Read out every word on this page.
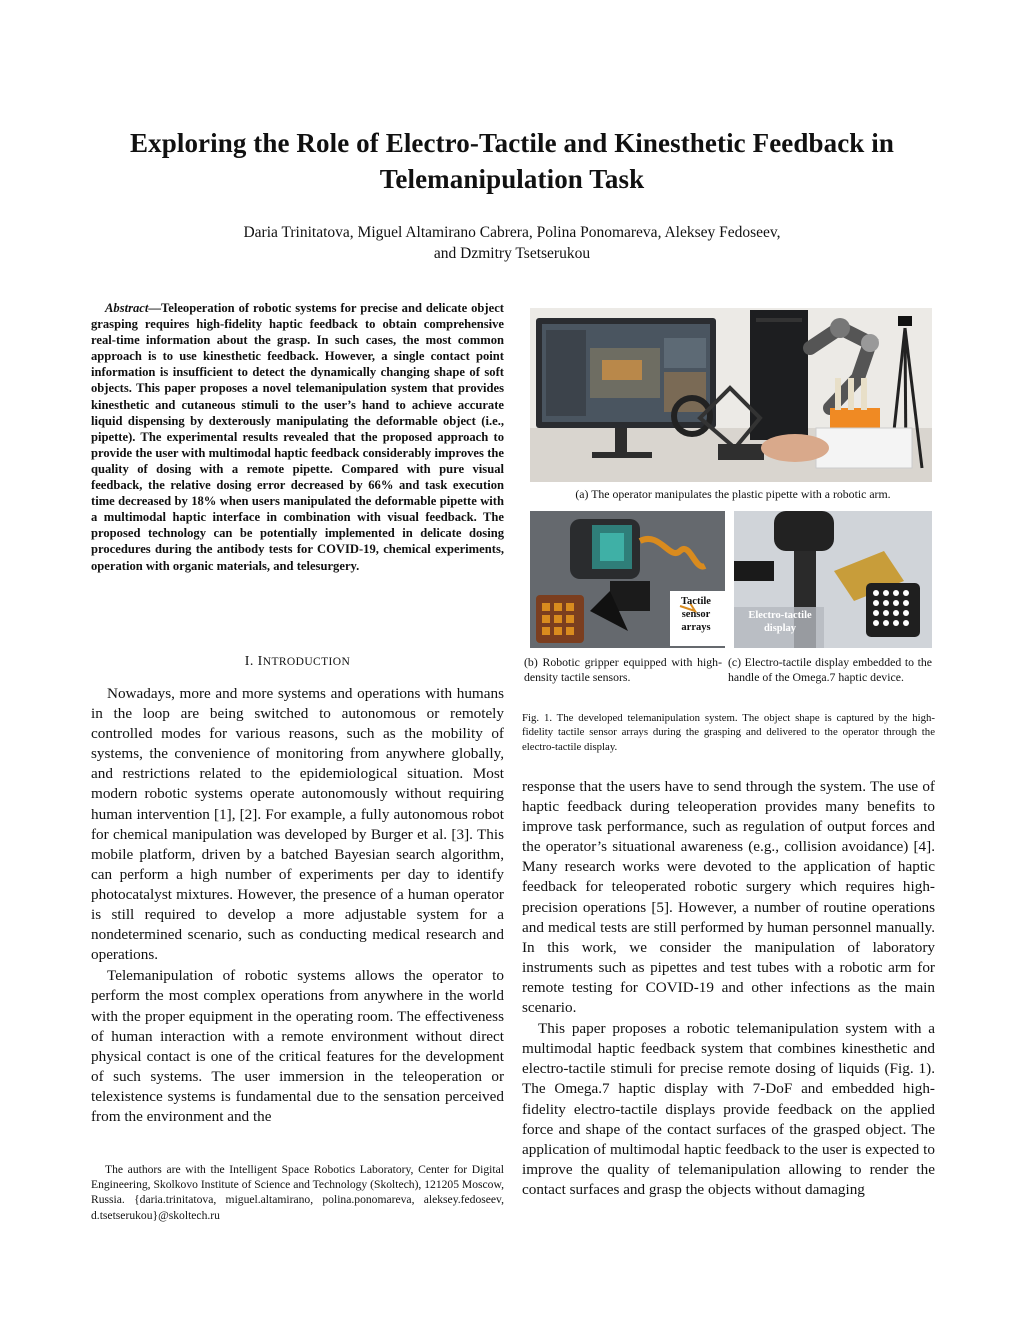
Exploring the Role of Electro-Tactile and Kinesthetic Feedback in Telemanipulation Task
Daria Trinitatova, Miguel Altamirano Cabrera, Polina Ponomareva, Aleksey Fedoseev,
and Dzmitry Tsetserukou
Abstract—Teleoperation of robotic systems for precise and delicate object grasping requires high-fidelity haptic feedback to obtain comprehensive real-time information about the grasp. In such cases, the most common approach is to use kinesthetic feedback. However, a single contact point information is insufficient to detect the dynamically changing shape of soft objects. This paper proposes a novel telemanipulation system that provides kinesthetic and cutaneous stimuli to the user’s hand to achieve accurate liquid dispensing by dexterously manipulating the deformable object (i.e., pipette). The experimental results revealed that the proposed approach to provide the user with multimodal haptic feedback considerably improves the quality of dosing with a remote pipette. Compared with pure visual feedback, the relative dosing error decreased by 66% and task execution time decreased by 18% when users manipulated the deformable pipette with a multimodal haptic interface in combination with visual feedback. The proposed technology can be potentially implemented in delicate dosing procedures during the antibody tests for COVID-19, chemical experiments, operation with organic materials, and telesurgery.
I. INTRODUCTION

Nowadays, more and more systems and operations with humans in the loop are being switched to autonomous or remotely controlled modes for various reasons, such as the mobility of systems, the convenience of monitoring from anywhere globally, and restrictions related to the epidemiological situation. Most modern robotic systems operate autonomously without requiring human intervention [1], [2]. For example, a fully autonomous robot for chemical manipulation was developed by Burger et al. [3]. This mobile platform, driven by a batched Bayesian search algorithm, can perform a high number of experiments per day to identify photocatalyst mixtures. However, the presence of a human operator is still required to develop a more adjustable system for a nondetermined scenario, such as conducting medical research and operations.

Telemanipulation of robotic systems allows the operator to perform the most complex operations from anywhere in the world with the proper equipment in the operating room. The effectiveness of human interaction with a remote environment without direct physical contact is one of the critical features for the development of such systems. The user immersion in the teleoperation or telexistence systems is fundamental due to the sensation perceived from the environment and the

The authors are with the Intelligent Space Robotics Laboratory, Center for Digital Engineering, Skolkovo Institute of Science and Technology (Skoltech), 121205 Moscow, Russia. {daria.trinitatova, miguel.altamirano, polina.ponomareva, aleksey.fedoseev, d.tsetserukou}@skoltech.ru

(a) The operator manipulates the plastic pipette with a robotic arm.
Tactile sensor arrays
(b) Robotic gripper equipped with high-density tactile sensors.
Electro-tactile display
(c) Electro-tactile display embedded to the handle of the Omega.7 haptic device.
Fig. 1. The developed telemanipulation system. The object shape is captured by the high-fidelity tactile sensor arrays during the grasping and delivered to the operator through the electro-tactile display.

response that the users have to send through the system. The use of haptic feedback during teleoperation provides many benefits to improve task performance, such as regulation of output forces and the operator’s situational awareness (e.g., collision avoidance) [4]. Many research works were devoted to the application of haptic feedback for teleoperated robotic surgery which requires high-precision operations [5]. However, a number of routine operations and medical tests are still performed by human personnel manually. In this work, we consider the manipulation of laboratory instruments such as pipettes and test tubes with a robotic arm for remote testing for COVID-19 and other infections as the main scenario.

This paper proposes a robotic telemanipulation system with a multimodal haptic feedback system that combines kinesthetic and electro-tactile stimuli for precise remote dosing of liquids (Fig. 1). The Omega.7 haptic display with 7-DoF and embedded high-fidelity electro-tactile displays provide feedback on the applied force and shape of the contact surfaces of the grasped object. The application of multimodal haptic feedback to the user is expected to improve the quality of telemanipulation allowing to render the contact surfaces and grasp the objects without damaging
